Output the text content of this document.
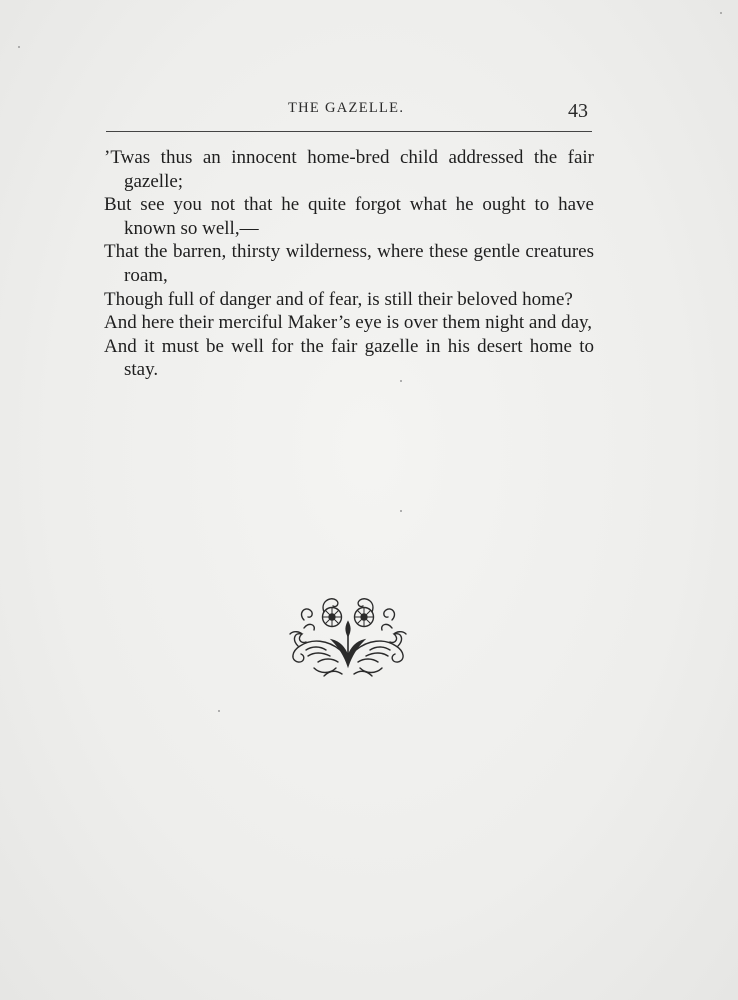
THE GAZELLE.	43

’Twas thus an innocent home-bred child addressed the fair gazelle;

But see you not that he quite forgot what he ought to have known so well,—

That the barren, thirsty wilderness, where these gentle creatures roam,

Though full of danger and of fear, is still their beloved home?

And here their merciful Maker’s eye is over them night and day,

And it must be well for the fair gazelle in his desert home to stay.
